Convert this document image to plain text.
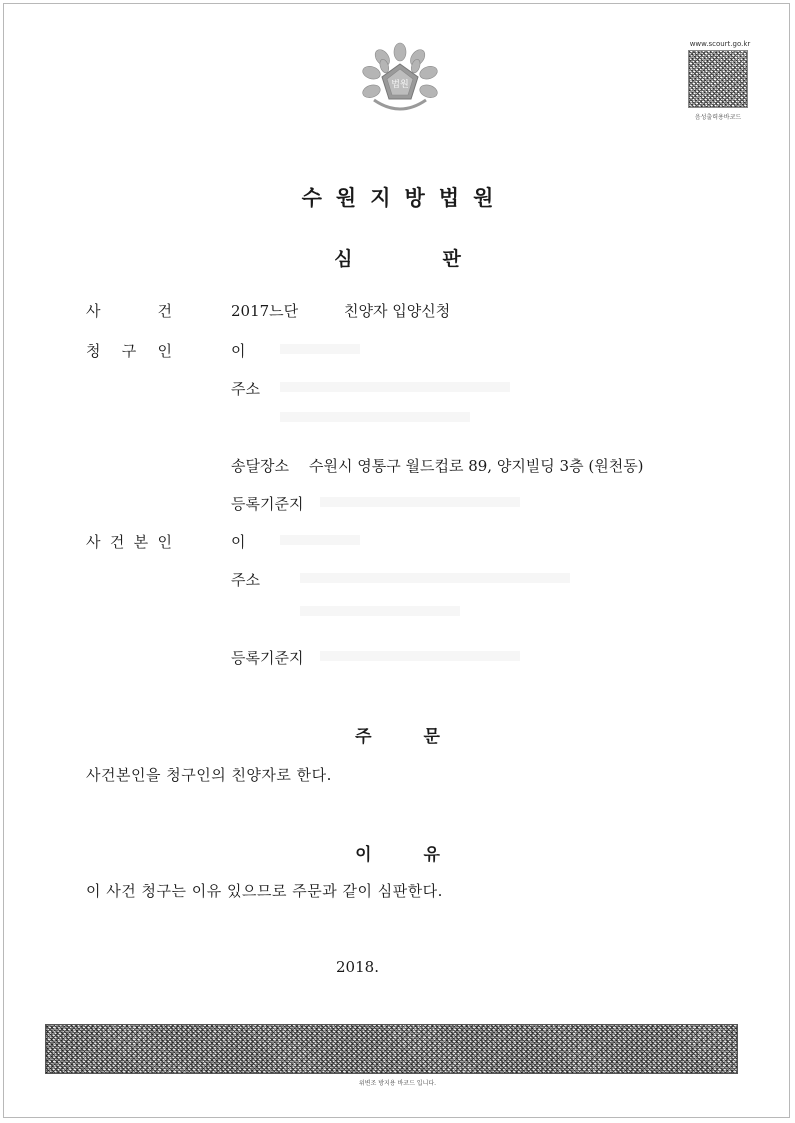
법원
www.scourt.go.kr
음성출력용바코드
수원지방법원
심	판
사	건	2017느단	친양자 입양신청
청 구 인	이
주소
송달장소 수원시 영통구 월드컵로 89, 양지빌딩 3층 (원천동)
등록기준지
사 건 본 인	이
주소
등록기준지
주	문
사건본인을 청구인의 친양자로 한다.
이	유
이 사건 청구는 이유 있으므로 주문과 같이 심판한다.
2018.
위변조 방지용 바코드 입니다.
